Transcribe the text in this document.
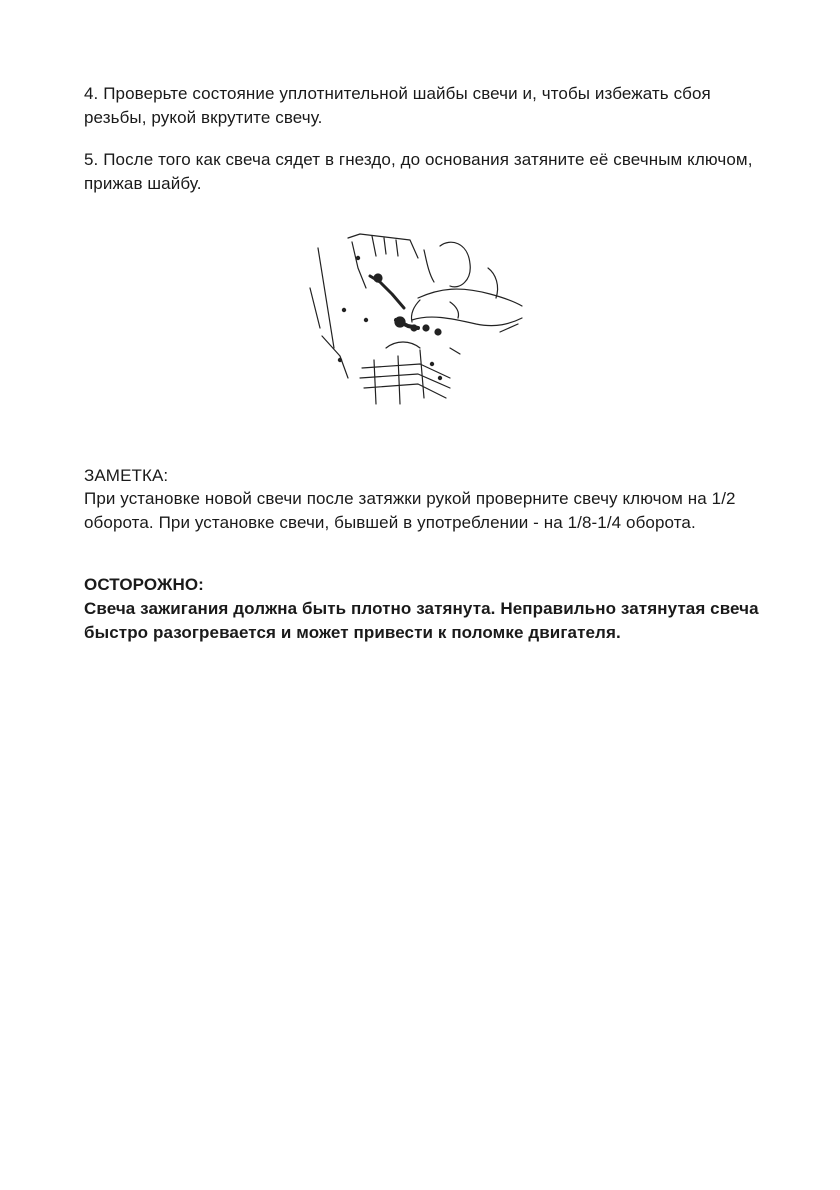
4. Проверьте состояние уплотнительной шайбы свечи и, чтобы избежать сбоя резьбы, рукой вкрутите свечу.

5. После того как свеча сядет в гнездо, до основания затяните её свечным ключом, прижав шайбу.

ЗАМЕТКА:

При установке новой свечи после затяжки рукой проверните свечу ключом на 1/2 оборота. При установке свечи, бывшей в употреблении - на 1/8-1/4 оборота.

ОСТОРОЖНО:

Свеча зажигания должна быть плотно затянута. Неправильно затянутая свеча быстро разогревается и может привести к поломке двигателя.
